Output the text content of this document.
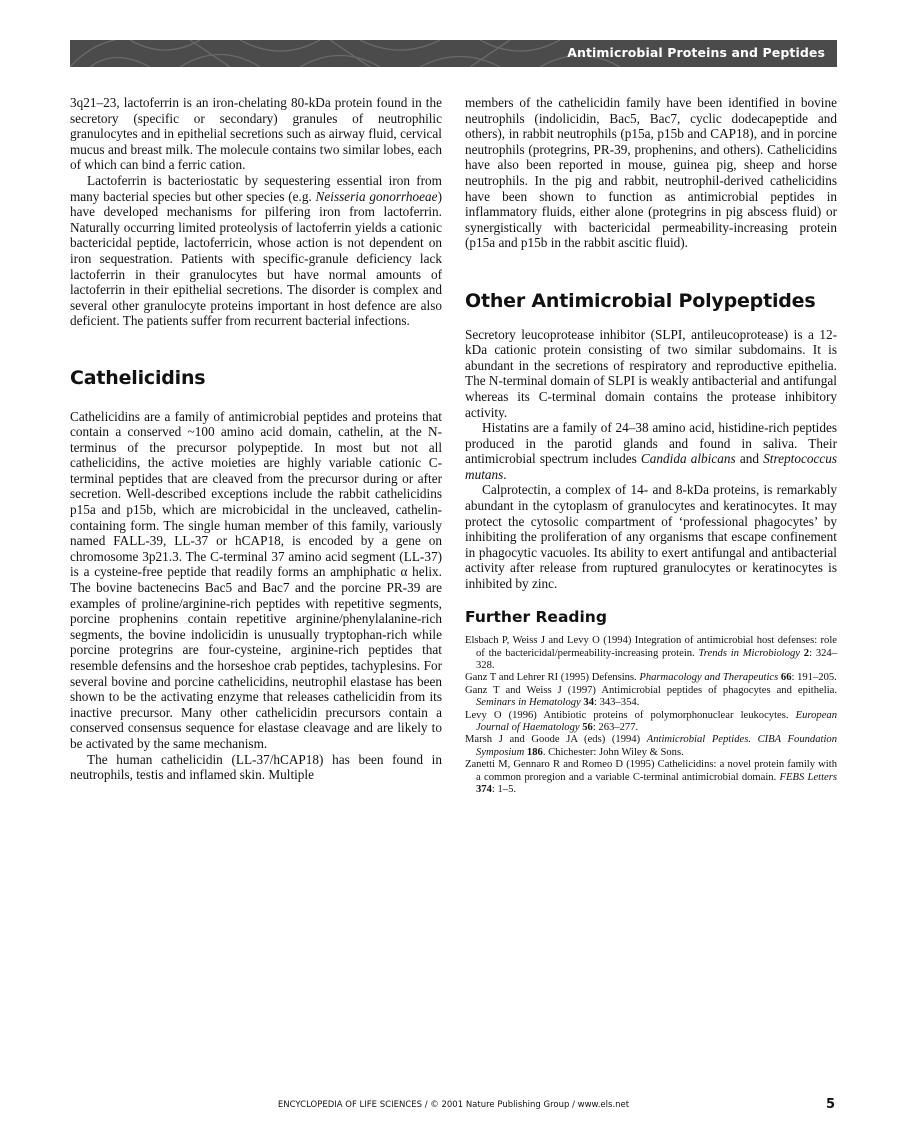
Antimicrobial Proteins and Peptides

3q21–23, lactoferrin is an iron-chelating 80-kDa protein found in the secretory (specific or secondary) granules of neutrophilic granulocytes and in epithelial secretions such as airway fluid, cervical mucus and breast milk. The molecule contains two similar lobes, each of which can bind a ferric cation.

Lactoferrin is bacteriostatic by sequestering essential iron from many bacterial species but other species (e.g. Neisseria gonorrhoeae) have developed mechanisms for pilfering iron from lactoferrin. Naturally occurring limited proteolysis of lactoferrin yields a cationic bactericidal peptide, lactoferricin, whose action is not dependent on iron sequestration. Patients with specific-granule deficiency lack lactoferrin in their granulocytes but have normal amounts of lactoferrin in their epithelial secretions. The disorder is complex and several other granulocyte proteins important in host defence are also deficient. The patients suffer from recurrent bacterial infections.

Cathelicidins

Cathelicidins are a family of antimicrobial peptides and proteins that contain a conserved ~100 amino acid domain, cathelin, at the N-terminus of the precursor polypeptide. In most but not all cathelicidins, the active moieties are highly variable cationic C-terminal peptides that are cleaved from the precursor during or after secretion. Well-described exceptions include the rabbit cathelicidins p15a and p15b, which are microbicidal in the uncleaved, cathelin-containing form. The single human member of this family, variously named FALL-39, LL-37 or hCAP18, is encoded by a gene on chromosome 3p21.3. The C-terminal 37 amino acid segment (LL-37) is a cysteine-free peptide that readily forms an amphiphatic α helix. The bovine bactenecins Bac5 and Bac7 and the porcine PR-39 are examples of proline/arginine-rich peptides with repetitive segments, porcine prophenins contain repetitive arginine/phenylalanine-rich segments, the bovine indolicidin is unusually tryptophan-rich while porcine protegrins are four-cysteine, arginine-rich peptides that resemble defensins and the horseshoe crab peptides, tachyplesins. For several bovine and porcine cathelicidins, neutrophil elastase has been shown to be the activating enzyme that releases cathelicidin from its inactive precursor. Many other cathelicidin precursors contain a conserved consensus sequence for elastase cleavage and are likely to be activated by the same mechanism.

The human cathelicidin (LL-37/hCAP18) has been found in neutrophils, testis and inflamed skin. Multiple

members of the cathelicidin family have been identified in bovine neutrophils (indolicidin, Bac5, Bac7, cyclic dodecapeptide and others), in rabbit neutrophils (p15a, p15b and CAP18), and in porcine neutrophils (protegrins, PR-39, prophenins, and others). Cathelicidins have also been reported in mouse, guinea pig, sheep and horse neutrophils. In the pig and rabbit, neutrophil-derived cathelicidins have been shown to function as antimicrobial peptides in inflammatory fluids, either alone (protegrins in pig abscess fluid) or synergistically with bactericidal permeability-increasing protein (p15a and p15b in the rabbit ascitic fluid).

Other Antimicrobial Polypeptides

Secretory leucoprotease inhibitor (SLPI, antileucoprotease) is a 12-kDa cationic protein consisting of two similar subdomains. It is abundant in the secretions of respiratory and reproductive epithelia. The N-terminal domain of SLPI is weakly antibacterial and antifungal whereas its C-terminal domain contains the protease inhibitory activity.

Histatins are a family of 24–38 amino acid, histidine-rich peptides produced in the parotid glands and found in saliva. Their antimicrobial spectrum includes Candida albicans and Streptococcus mutans.

Calprotectin, a complex of 14- and 8-kDa proteins, is remarkably abundant in the cytoplasm of granulocytes and keratinocytes. It may protect the cytosolic compartment of ‘professional phagocytes’ by inhibiting the proliferation of any organisms that escape confinement in phagocytic vacuoles. Its ability to exert antifungal and antibacterial activity after release from ruptured granulocytes or keratinocytes is inhibited by zinc.

Further Reading

Elsbach P, Weiss J and Levy O (1994) Integration of antimicrobial host defenses: role of the bactericidal/permeability-increasing protein. Trends in Microbiology 2: 324–328.

Ganz T and Lehrer RI (1995) Defensins. Pharmacology and Therapeutics 66: 191–205.

Ganz T and Weiss J (1997) Antimicrobial peptides of phagocytes and epithelia. Seminars in Hematology 34: 343–354.

Levy O (1996) Antibiotic proteins of polymorphonuclear leukocytes. European Journal of Haematology 56: 263–277.

Marsh J and Goode JA (eds) (1994) Antimicrobial Peptides. CIBA Foundation Symposium 186. Chichester: John Wiley & Sons.

Zanetti M, Gennaro R and Romeo D (1995) Cathelicidins: a novel protein family with a common proregion and a variable C-terminal antimicrobial domain. FEBS Letters 374: 1–5.

ENCYCLOPEDIA OF LIFE SCIENCES / © 2001 Nature Publishing Group / www.els.net	5
